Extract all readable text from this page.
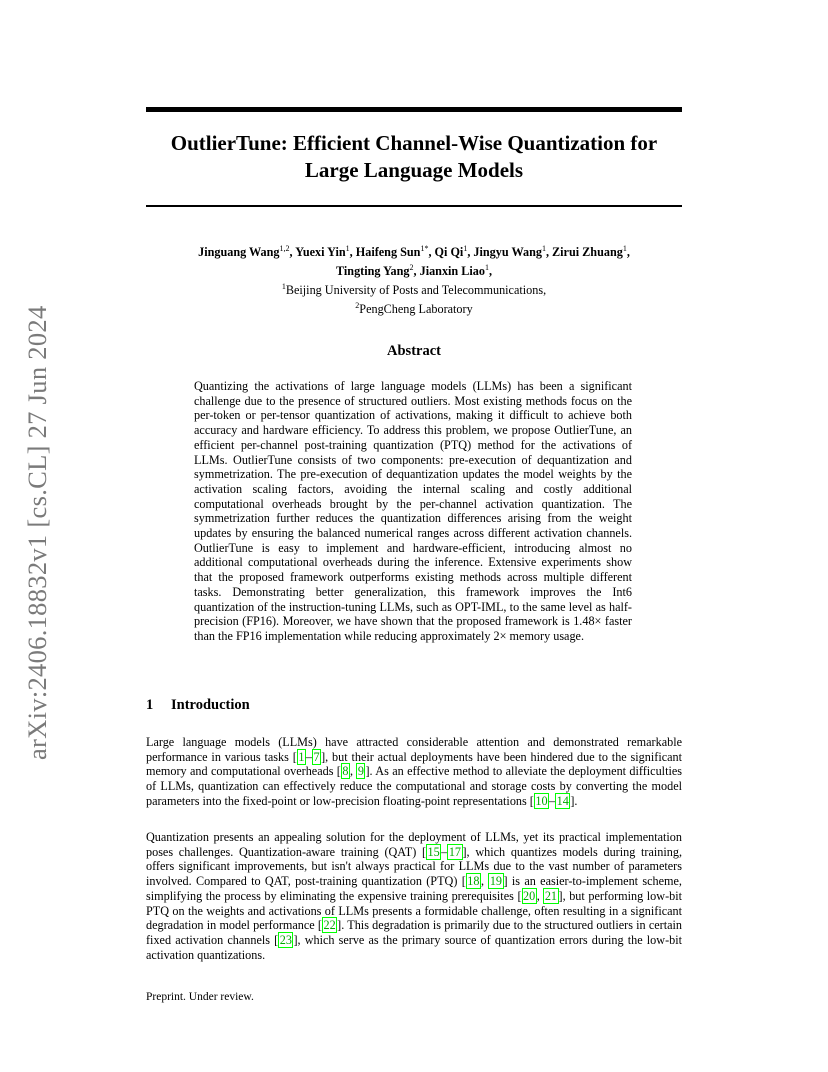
arXiv:2406.18832v1 [cs.CL] 27 Jun 2024
OutlierTune: Efficient Channel-Wise Quantization for
Large Language Models
Jinguang Wang$^{1,2}$, Yuexi Yin$^1$, Haifeng Sun$^{1*}$, Qi Qi$^1$, Jingyu Wang$^1$, Zirui Zhuang$^1$,
Tingting Yang$^2$, Jianxin Liao$^1$,
$^1$Beijing University of Posts and Telecommunications,
$^2$PengCheng Laboratory
Abstract
Quantizing the activations of large language models (LLMs) has been a significant challenge due to the presence of structured outliers. Most existing methods focus on the per-token or per-tensor quantization of activations, making it difficult to achieve both accuracy and hardware efficiency. To address this problem, we propose OutlierTune, an efficient per-channel post-training quantization (PTQ) method for the activations of LLMs. OutlierTune consists of two components: pre-execution of dequantization and symmetrization. The pre-execution of dequantization updates the model weights by the activation scaling factors, avoiding the internal scaling and costly additional computational overheads brought by the per-channel activation quantization. The symmetrization further reduces the quantization differences arising from the weight updates by ensuring the balanced numerical ranges across different activation channels. OutlierTune is easy to implement and hardware-efficient, introducing almost no additional computational overheads during the inference. Extensive experiments show that the proposed framework outperforms existing methods across multiple different tasks. Demonstrating better generalization, this framework improves the Int6 quantization of the instruction-tuning LLMs, such as OPT-IML, to the same level as half-precision (FP16). Moreover, we have shown that the proposed framework is 1.48× faster than the FP16 implementation while reducing approximately 2× memory usage.
1 Introduction
Large language models (LLMs) have attracted considerable attention and demonstrated remarkable performance in various tasks [ 1 – 7 ], but their actual deployments have been hindered due to the significant memory and computational overheads [ 8 , 9 ]. As an effective method to alleviate the deployment difficulties of LLMs, quantization can effectively reduce the computational and storage costs by converting the model parameters into the fixed-point or low-precision floating-point representations [ 10 – 14 ].
Quantization presents an appealing solution for the deployment of LLMs, yet its practical implementation poses challenges. Quantization-aware training (QAT) [ 15 – 17 ], which quantizes models during training, offers significant improvements, but isn't always practical for LLMs due to the vast number of parameters involved. Compared to QAT, post-training quantization (PTQ) [ 18 , 19 ] is an easier-to-implement scheme, simplifying the process by eliminating the expensive training prerequisites [ 20 , 21 ], but performing low-bit PTQ on the weights and activations of LLMs presents a formidable challenge, often resulting in a significant degradation in model performance [ 22 ]. This degradation is primarily due to the structured outliers in certain fixed activation channels [ 23 ], which serve as the primary source of quantization errors during the low-bit activation quantizations.
Preprint. Under review.
